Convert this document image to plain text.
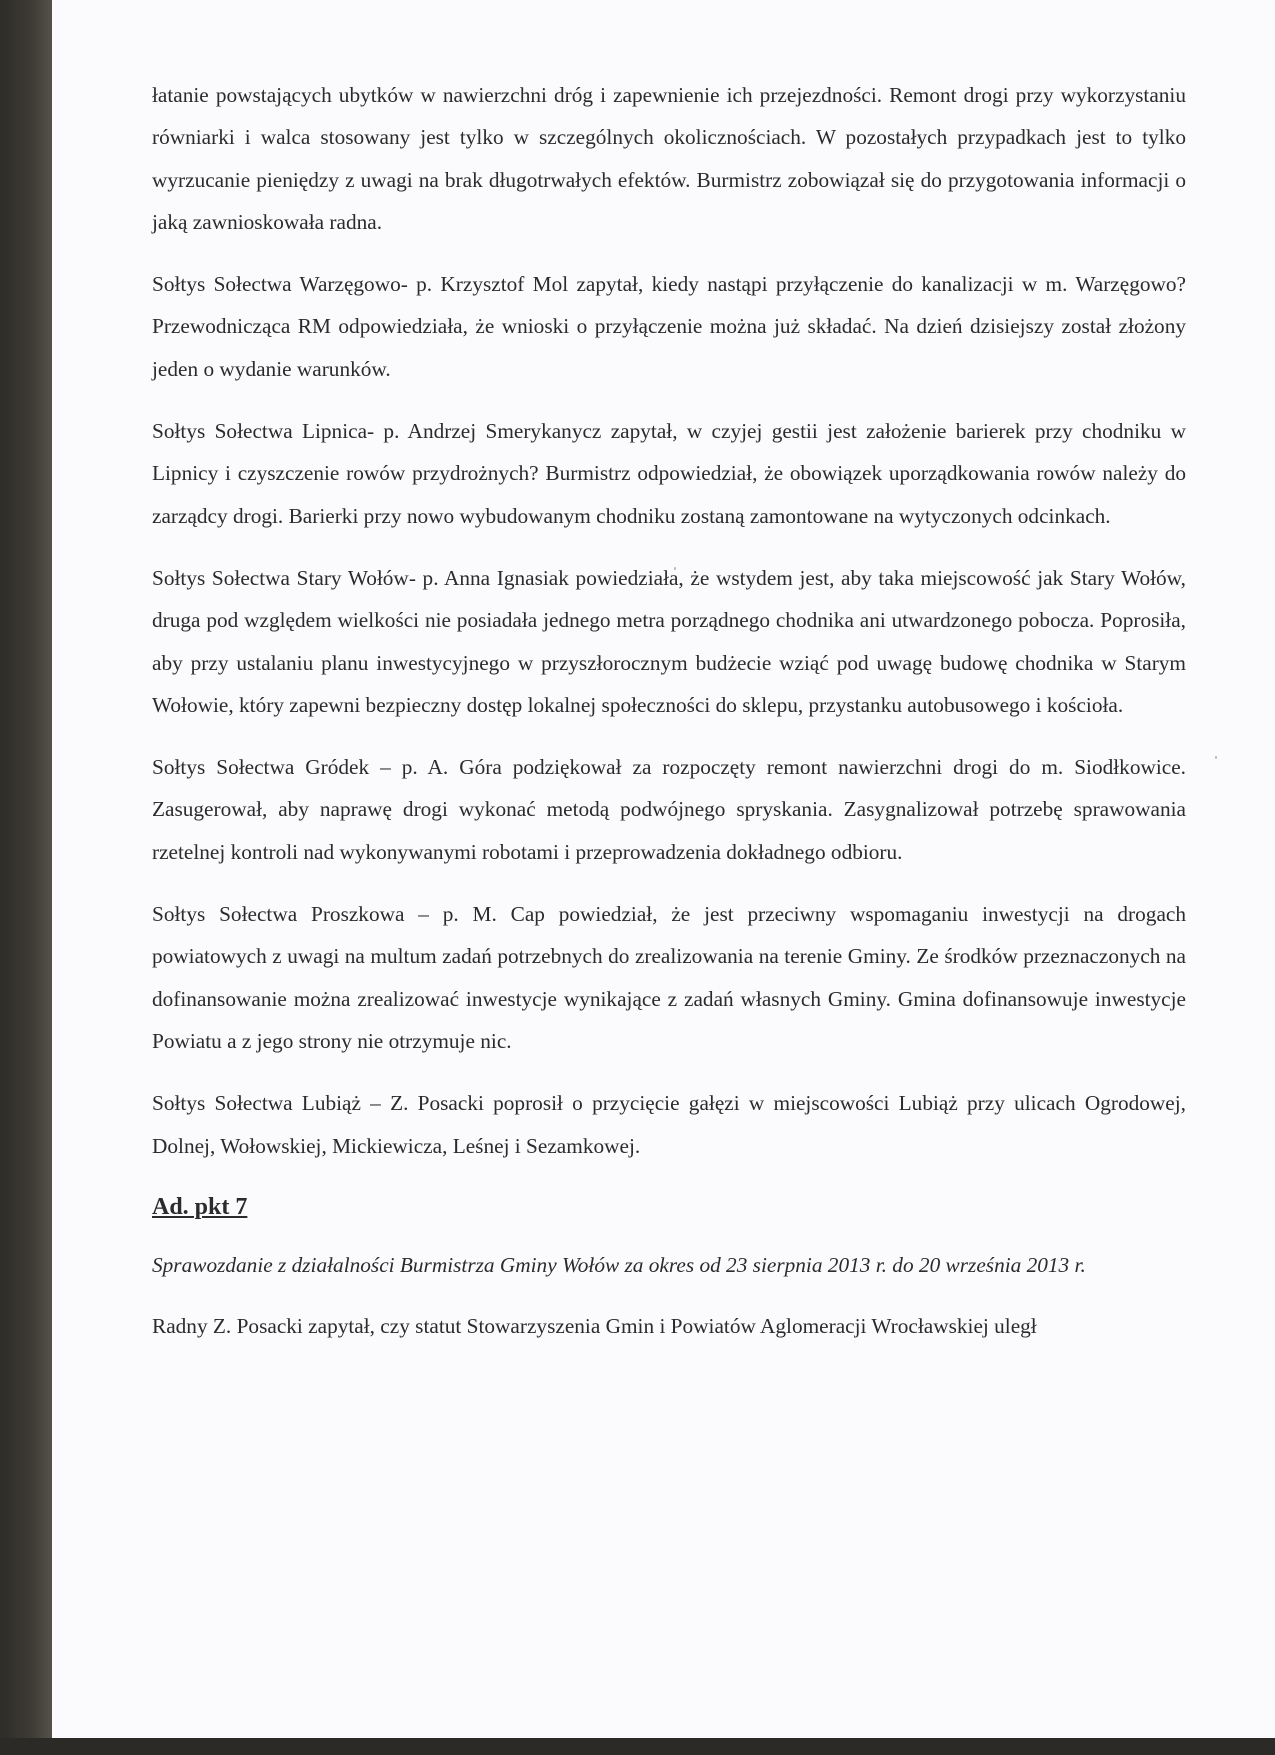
łatanie powstających ubytków w nawierzchni dróg i zapewnienie ich przejezdności. Remont drogi przy wykorzystaniu równiarki i walca stosowany jest tylko w szczególnych okolicznościach. W pozostałych przypadkach jest to tylko wyrzucanie pieniędzy z uwagi na brak długotrwałych efektów. Burmistrz zobowiązał się do przygotowania informacji o jaką zawnioskowała radna.

Sołtys Sołectwa Warzęgowo- p. Krzysztof Mol zapytał, kiedy nastąpi przyłączenie do kanalizacji w m. Warzęgowo? Przewodnicząca RM odpowiedziała, że wnioski o przyłączenie można już składać. Na dzień dzisiejszy został złożony jeden o wydanie warunków.

Sołtys Sołectwa Lipnica- p. Andrzej Smerykanycz zapytał, w czyjej gestii jest założenie barierek przy chodniku w Lipnicy i czyszczenie rowów przydrożnych? Burmistrz odpowiedział, że obowiązek uporządkowania rowów należy do zarządcy drogi. Barierki przy nowo wybudowanym chodniku zostaną zamontowane na wytyczonych odcinkach.

Sołtys Sołectwa Stary Wołów- p. Anna Ignasiak powiedziała, że wstydem jest, aby taka miejscowość jak Stary Wołów, druga pod względem wielkości nie posiadała jednego metra porządnego chodnika ani utwardzonego pobocza. Poprosiła, aby przy ustalaniu planu inwestycyjnego w przyszłorocznym budżecie wziąć pod uwagę budowę chodnika w Starym Wołowie, który zapewni bezpieczny dostęp lokalnej społeczności do sklepu, przystanku autobusowego i kościoła.

Sołtys Sołectwa Gródek – p. A. Góra podziękował za rozpoczęty remont nawierzchni drogi do m. Siodłkowice. Zasugerował, aby naprawę drogi wykonać metodą podwójnego spryskania. Zasygnalizował potrzebę sprawowania rzetelnej kontroli nad wykonywanymi robotami i przeprowadzenia dokładnego odbioru.

Sołtys Sołectwa Proszkowa – p. M. Cap powiedział, że jest przeciwny wspomaganiu inwestycji na drogach powiatowych z uwagi na multum zadań potrzebnych do zrealizowania na terenie Gminy. Ze środków przeznaczonych na dofinansowanie można zrealizować inwestycje wynikające z zadań własnych Gminy. Gmina dofinansowuje inwestycje Powiatu a z jego strony nie otrzymuje nic.

Sołtys Sołectwa Lubiąż – Z. Posacki poprosił o przycięcie gałęzi w miejscowości Lubiąż przy ulicach Ogrodowej, Dolnej, Wołowskiej, Mickiewicza, Leśnej i Sezamkowej.

Ad. pkt 7

Sprawozdanie z działalności Burmistrza Gminy Wołów za okres od 23 sierpnia 2013 r. do 20 września 2013 r.

Radny Z. Posacki zapytał, czy statut Stowarzyszenia Gmin i Powiatów Aglomeracji Wrocławskiej uległ
